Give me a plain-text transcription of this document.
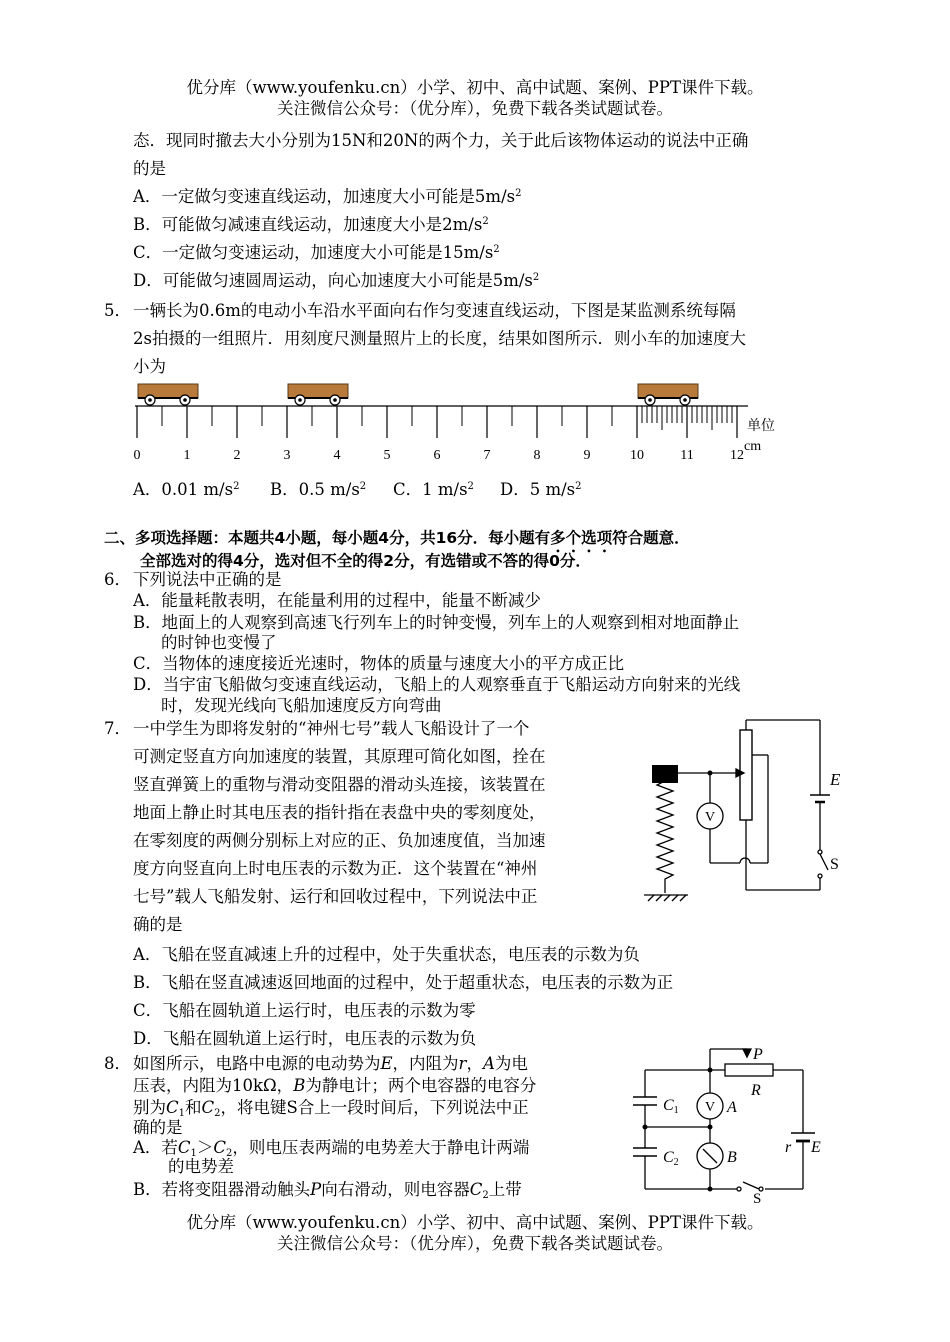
优分库（www.youfenku.cn）小学、初中、高中试题、案例、PPT课件下载。
关注微信公众号：（优分库），免费下载各类试题试卷。
态．现同时撤去大小分别为15N和20N的两个力，关于此后该物体运动的说法中正确
的是
A．一定做匀变速直线运动，加速度大小可能是$5m/s^2$
B．可能做匀减速直线运动，加速度大小是$2m/s^2$
C．一定做匀变速运动，加速度大小可能是$15m/s^2$
D．可能做匀速圆周运动，向心加速度大小可能是$5m/s^2$
5． 一辆长为0.6m的电动小车沿水平面向右作匀变速直线运动，下图是某监测系统每隔
2s拍摄的一组照片．用刻度尺测量照片上的长度，结果如图所示．则小车的加速度大
小为
0	1	2	3	4	5	6	7	8	9	10	11	12
单位
cm
A．0.01 $m/s^2$ B．0.5 $m/s^2$ C．1 $m/s^2$ D．5 $m/s^2$
二、多项选择题：本题共4小题，每小题4分，共16分．每小题有多个选项符合题意．
全部选对的得4分，选对但不全的得2分，有选错或不答的得0分．
6． 下列说法中正确的是
A．能量耗散表明，在能量利用的过程中，能量不断减少
B．地面上的人观察到高速飞行列车上的时钟变慢，列车上的人观察到相对地面静止
的时钟也变慢了
C．当物体的速度接近光速时，物体的质量与速度大小的平方成正比
D．当宇宙飞船做匀变速直线运动，飞船上的人观察垂直于飞船运动方向射来的光线
时，发现光线向飞船加速度反方向弯曲
7． 一中学生为即将发射的“神州七号”载人飞船设计了一个
可测定竖直方向加速度的装置，其原理可简化如图，拴在
竖直弹簧上的重物与滑动变阻器的滑动头连接，该装置在
地面上静止时其电压表的指针指在表盘中央的零刻度处，
在零刻度的两侧分别标上对应的正、负加速度值，当加速
度方向竖直向上时电压表的示数为正．这个装置在“神州
七号”载人飞船发射、运行和回收过程中，下列说法中正
确的是
V
E
S
A．飞船在竖直减速上升的过程中，处于失重状态，电压表的示数为负
B．飞船在竖直减速返回地面的过程中，处于超重状态，电压表的示数为正
C．飞船在圆轨道上运行时，电压表的示数为零
D．飞船在圆轨道上运行时，电压表的示数为负
8． 如图所示，电路中电源的电动势为E，内阻为r，A为电
压表，内阻为10kΩ，B为静电计；两个电容器的电容分
别为$C_1$和$C_2$，将电键S合上一段时间后，下列说法中正
确的是
A．若$C_1>C_2$，则电压表两端的电势差大于静电计两端
的电势差
B．若将变阻器滑动触头P向右滑动，则电容器$C_2$上带
V
P
R
C1
C2
A
B
r E
S
优分库（www.youfenku.cn）小学、初中、高中试题、案例、PPT课件下载。
关注微信公众号：（优分库），免费下载各类试题试卷。
